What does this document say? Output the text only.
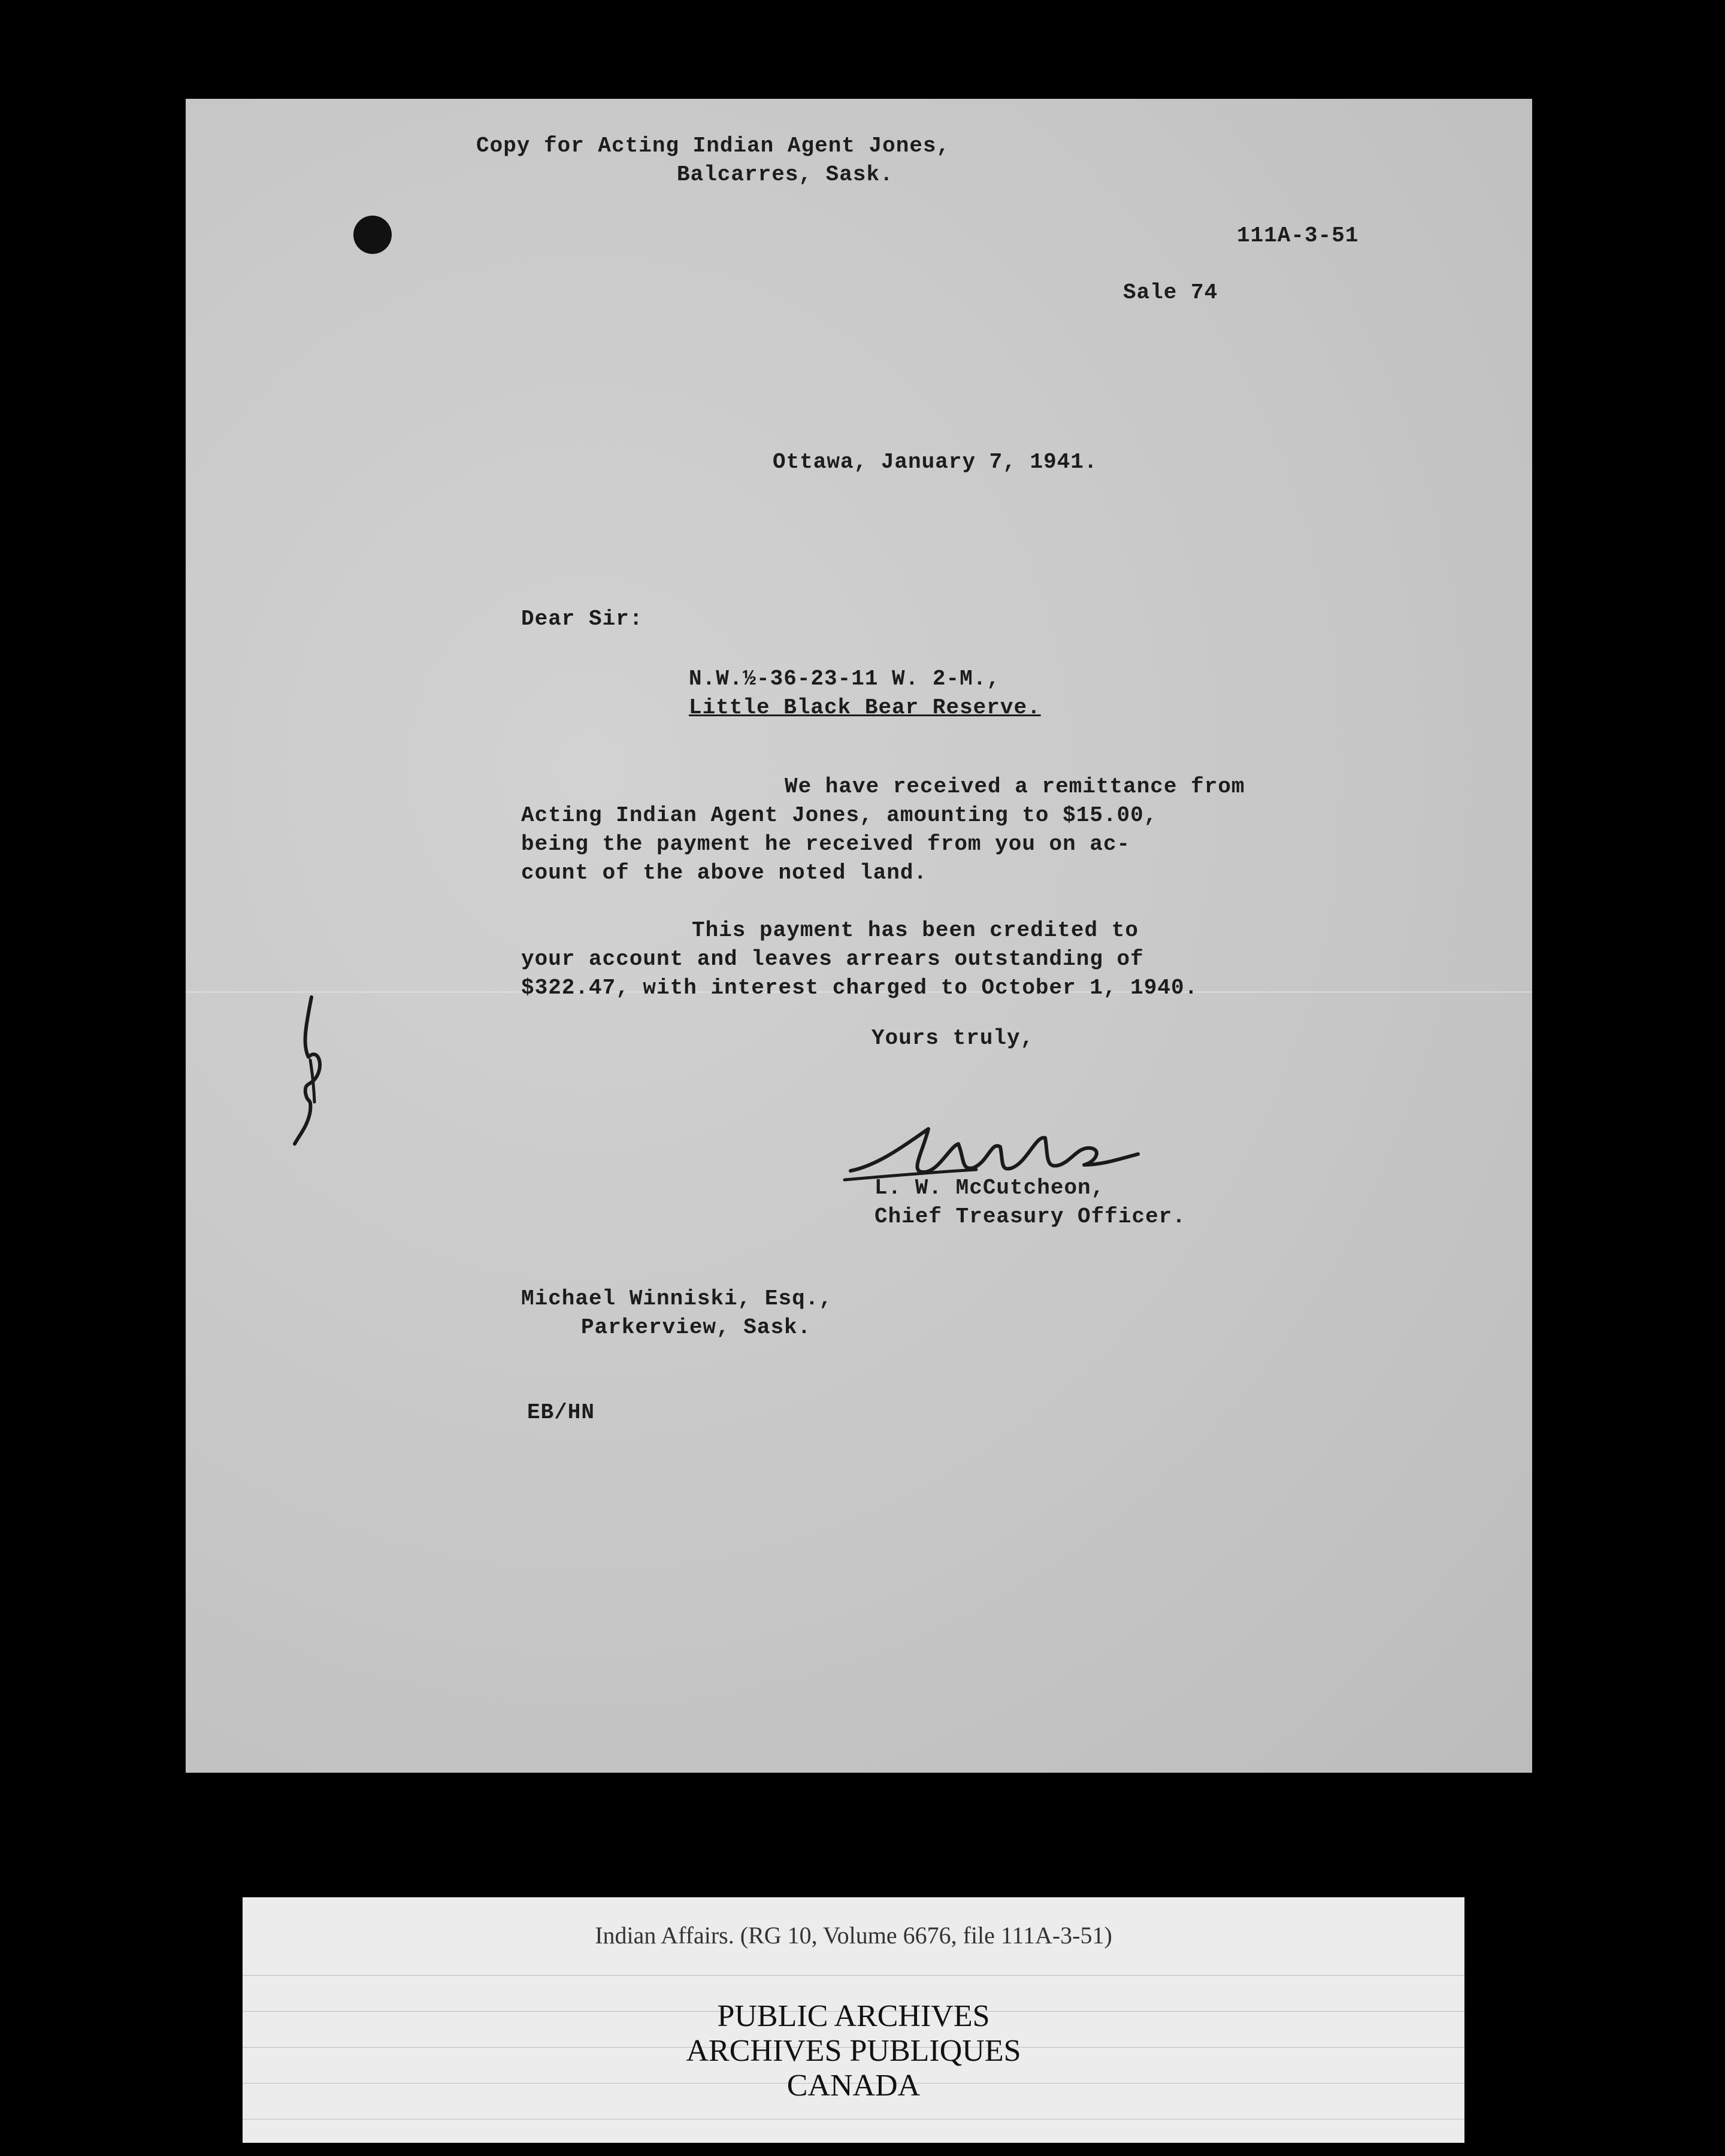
Copy for Acting Indian Agent Jones,
Balcarres, Sask.
111A-3-51
Sale 74
Ottawa, January 7, 1941.
Dear Sir:
N.W.½-36-23-11 W. 2-M.,
Little Black Bear Reserve.
We have received a remittance from
Acting Indian Agent Jones, amounting to $15.00,
being the payment he received from you on ac-
count of the above noted land.
This payment has been credited to
your account and leaves arrears outstanding of
$322.47, with interest charged to October 1, 1940.
Yours truly,
L. W. McCutcheon,
Chief Treasury Officer.
Michael Winniski, Esq.,
Parkerview, Sask.
EB/HN
Indian Affairs. (RG 10, Volume 6676, file 111A-3-51)
PUBLIC ARCHIVES
ARCHIVES PUBLIQUES
CANADA
